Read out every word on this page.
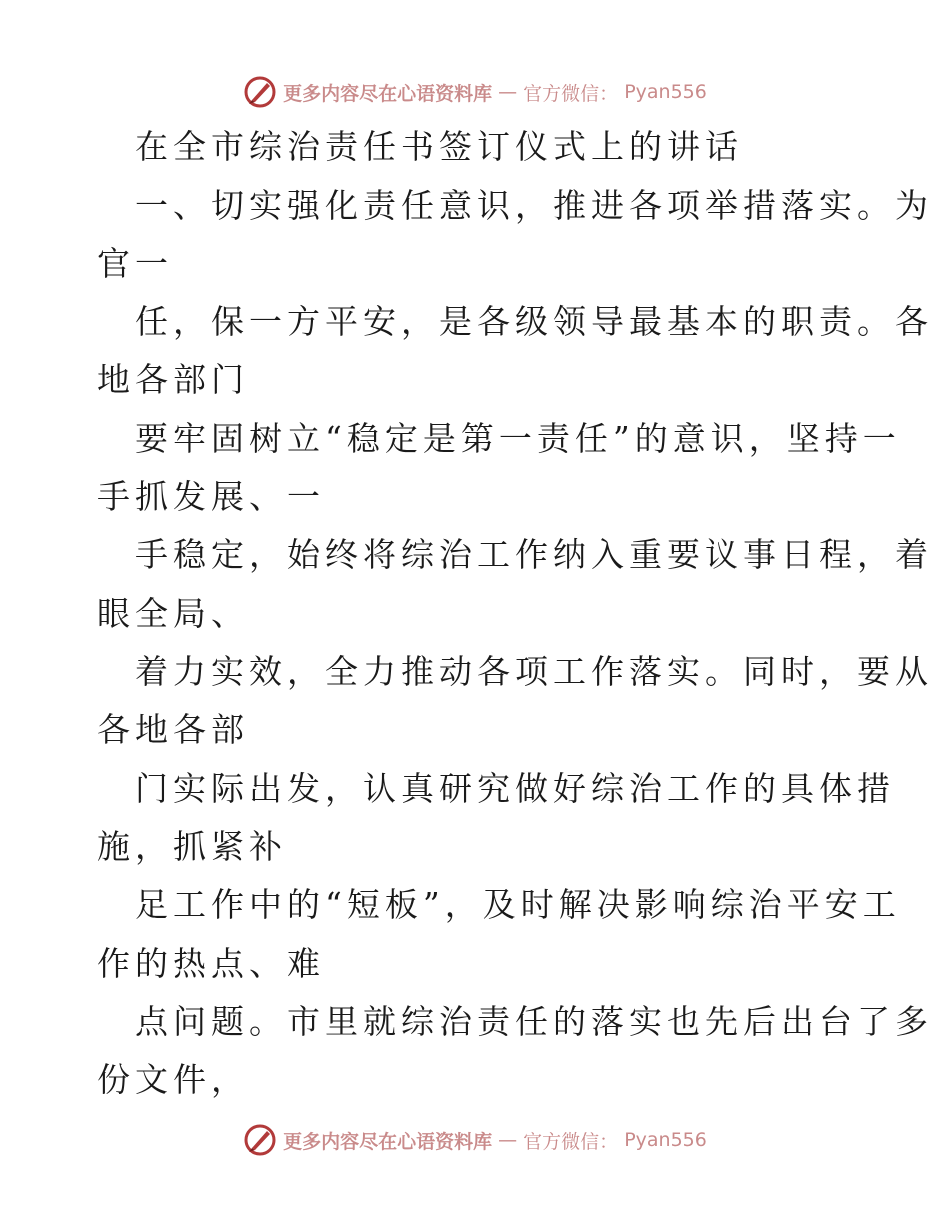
更多内容尽在心语资料库 — 官方微信： Pyan556
在全市综治责任书签订仪式上的讲话
一、切实强化责任意识，推进各项举措落实。为
官一
任，保一方平安，是各级领导最基本的职责。各
地各部门
要牢固树立“稳定是第一责任”的意识，坚持一
手抓发展、一
手稳定，始终将综治工作纳入重要议事日程，着
眼全局、
着力实效，全力推动各项工作落实。同时，要从
各地各部
门实际出发，认真研究做好综治工作的具体措
施，抓紧补
足工作中的“短板”，及时解决影响综治平安工
作的热点、难
点问题。市里就综治责任的落实也先后出台了多
份文件，
更多内容尽在心语资料库 — 官方微信： Pyan556
